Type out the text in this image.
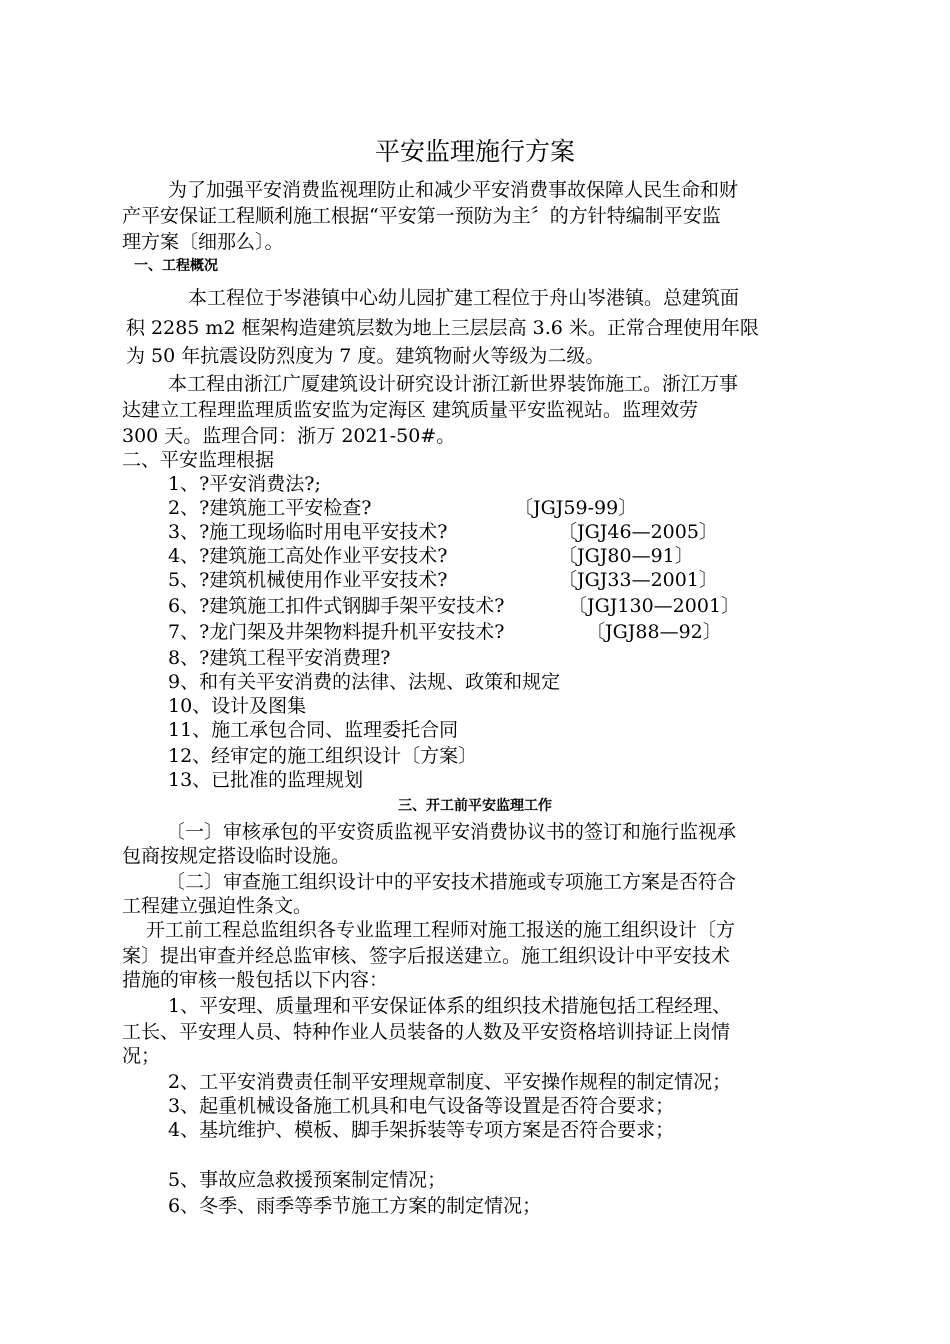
平安监理施行方案
为了加强平安消费监视理防止和减少平安消费事故保障人民生命和财
产平安保证工程顺利施工根据“平安第一预防为主〞的方针特编制平安监
理方案〔细那么〕。
一、工程概况
本工程位于岑港镇中心幼儿园扩建工程位于舟山岑港镇。总建筑面
积 2285 m2 框架构造建筑层数为地上三层层高 3.6 米。正常合理使用年限
为 50 年抗震设防烈度为 7 度。建筑物耐火等级为二级。
本工程由浙江广厦建筑设计研究设计浙江新世界装饰施工。浙江万事
达建立工程理监理质监安监为定海区 建筑质量平安监视站。监理效劳
300 天。监理合同：浙万 2021-50#。
二、平安监理根据
1、?平安消费法?;
2、?建筑施工平安检查?	〔JGJ59-99〕
3、?施工现场临时用电平安技术?	〔JGJ46—2005〕
4、?建筑施工高处作业平安技术?	〔JGJ80—91〕
5、?建筑机械使用作业平安技术?	〔JGJ33—2001〕
6、?建筑施工扣件式钢脚手架平安技术?	〔JGJ130—2001〕
7、?龙门架及井架物料提升机平安技术?	〔JGJ88—92〕
8、?建筑工程平安消费理?
9、和有关平安消费的法律、法规、政策和规定
10、设计及图集
11、施工承包合同、监理委托合同
12、经审定的施工组织设计〔方案〕
13、已批准的监理规划
三、开工前平安监理工作
〔一〕审核承包的平安资质监视平安消费协议书的签订和施行监视承
包商按规定搭设临时设施。
〔二〕审查施工组织设计中的平安技术措施或专项施工方案是否符合
工程建立强迫性条文。
开工前工程总监组织各专业监理工程师对施工报送的施工组织设计〔方
案〕提出审查并经总监审核、签字后报送建立。施工组织设计中平安技术
措施的审核一般包括以下内容：
1、平安理、质量理和平安保证体系的组织技术措施包括工程经理、
工长、平安理人员、特种作业人员装备的人数及平安资格培训持证上岗情
况；
2、工平安消费责任制平安理规章制度、平安操作规程的制定情况；
3、起重机械设备施工机具和电气设备等设置是否符合要求；
4、基坑维护、模板、脚手架拆装等专项方案是否符合要求；
5、事故应急救援预案制定情况；
6、冬季、雨季等季节施工方案的制定情况；
